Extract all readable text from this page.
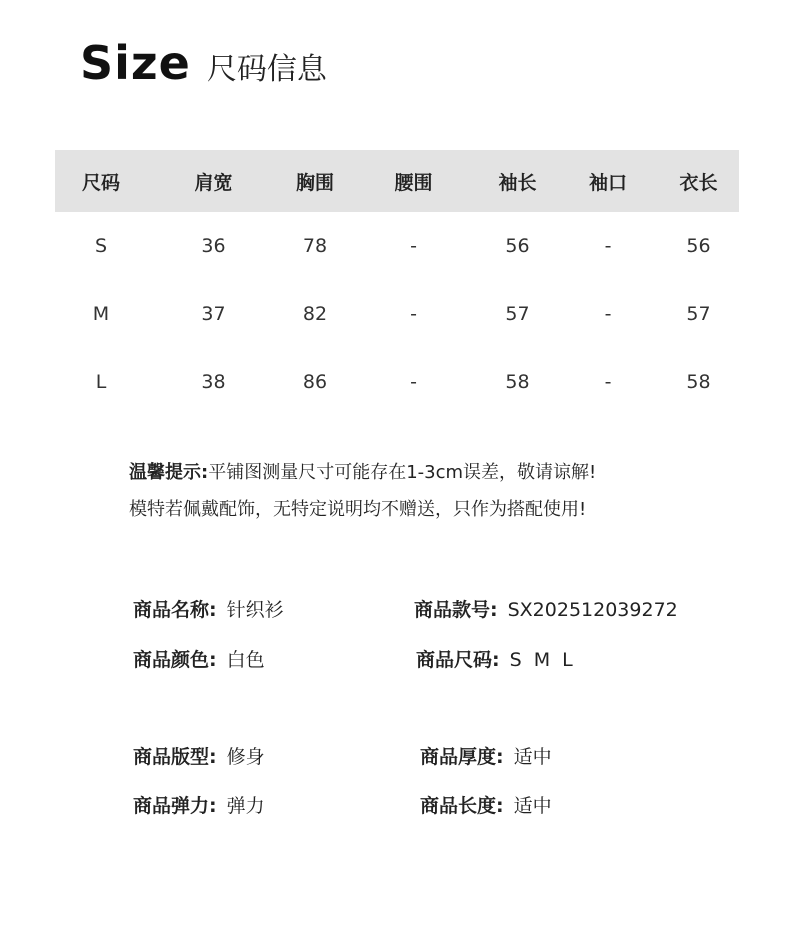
Size 尺码信息
尺码	肩宽	胸围	腰围	袖长	袖口	衣长
S	36	78	-	56	-	56
M	37	82	-	57	-	57
L	38	86	-	58	-	58
温馨提示:平铺图测量尺寸可能存在1-3cm误差，敬请谅解!
模特若佩戴配饰，无特定说明均不赠送，只作为搭配使用!
商品名称: 针织衫	商品款号: SX202512039272
商品颜色: 白色	商品尺码: S M L
商品版型: 修身	商品厚度: 适中
商品弹力: 弹力	商品长度: 适中
